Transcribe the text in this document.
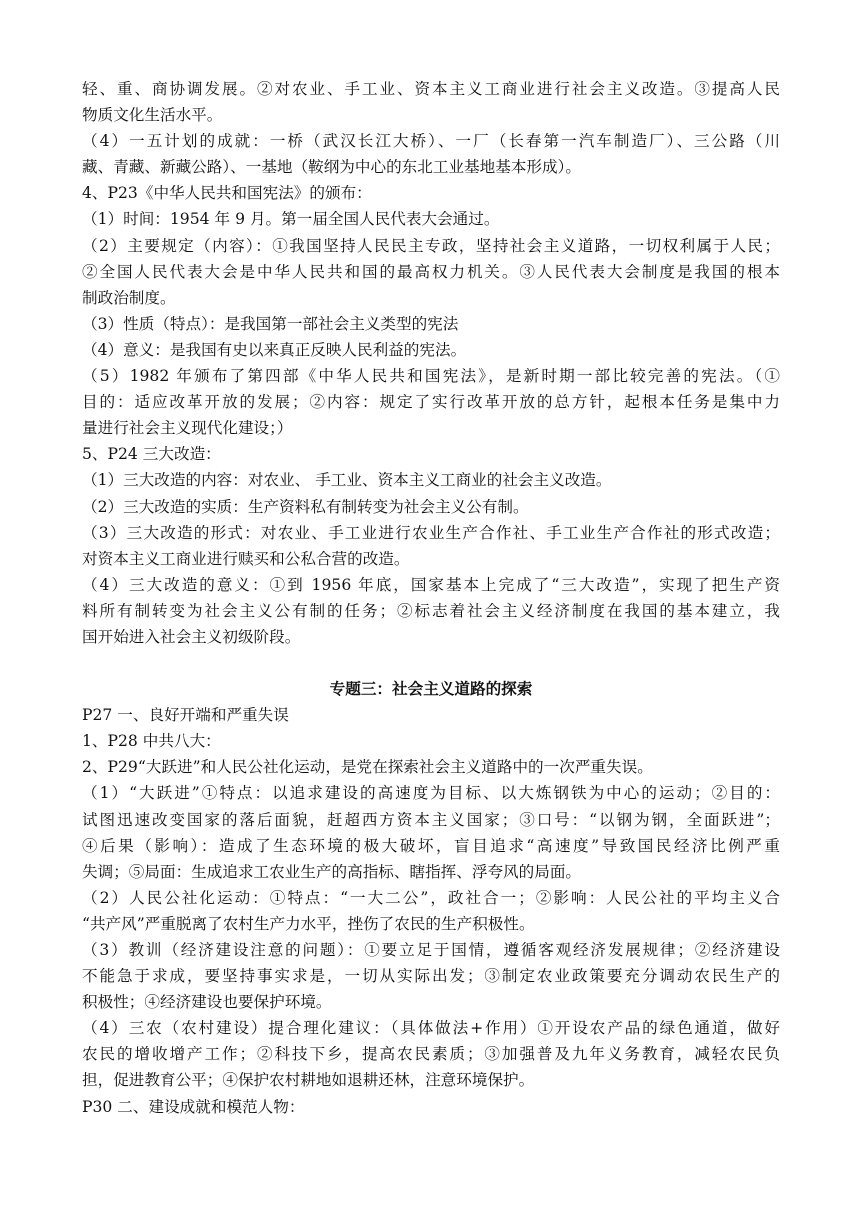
轻、重、商协调发展。②对农业、手工业、资本主义工商业进行社会主义改造。③提高人民
物质文化生活水平。
（4）一五计划的成就：一桥（武汉长江大桥）、一厂（长春第一汽车制造厂）、三公路（川
藏、青藏、新藏公路）、一基地（鞍纲为中心的东北工业基地基本形成）。
4、P23《中华人民共和国宪法》的颁布：
（1）时间：1954 年 9 月。第一届全国人民代表大会通过。
（2）主要规定（内容）：①我国坚持人民民主专政，坚持社会主义道路，一切权利属于人民；
②全国人民代表大会是中华人民共和国的最高权力机关。③人民代表大会制度是我国的根本
制政治制度。
（3）性质（特点）：是我国第一部社会主义类型的宪法
（4）意义：是我国有史以来真正反映人民利益的宪法。
（5）1982 年颁布了第四部《中华人民共和国宪法》，是新时期一部比较完善的宪法。（①
目的：适应改革开放的发展；②内容：规定了实行改革开放的总方针，起根本任务是集中力
量进行社会主义现代化建设；）
5、P24 三大改造：
（1）三大改造的内容：对农业、 手工业、资本主义工商业的社会主义改造。
（2）三大改造的实质：生产资料私有制转变为社会主义公有制。
（3）三大改造的形式：对农业、手工业进行农业生产合作社、手工业生产合作社的形式改造；
对资本主义工商业进行赎买和公私合营的改造。
（4）三大改造的意义：①到 1956 年底，国家基本上完成了“三大改造”，实现了把生产资
料所有制转变为社会主义公有制的任务；②标志着社会主义经济制度在我国的基本建立，我
国开始进入社会主义初级阶段。
专题三：社会主义道路的探索
P27 一、良好开端和严重失误
1、P28 中共八大：
2、P29“大跃进”和人民公社化运动，是党在探索社会主义道路中的一次严重失误。
（1）“大跃进”①特点：以追求建设的高速度为目标、以大炼钢铁为中心的运动；②目的：
试图迅速改变国家的落后面貌，赶超西方资本主义国家；③口号：“以钢为钢，全面跃进”；
④后果（影响）：造成了生态环境的极大破坏，盲目追求“高速度”导致国民经济比例严重
失调；⑤局面：生成追求工农业生产的高指标、瞎指挥、浮夸风的局面。
（2）人民公社化运动：①特点：“一大二公”，政社合一；②影响：人民公社的平均主义合
“共产风”严重脱离了农村生产力水平，挫伤了农民的生产积极性。
（3）教训（经济建设注意的问题）：①要立足于国情，遵循客观经济发展规律；②经济建设
不能急于求成，要坚持事实求是，一切从实际出发；③制定农业政策要充分调动农民生产的
积极性；④经济建设也要保护环境。
（4）三农（农村建设）提合理化建议：（具体做法+作用）①开设农产品的绿色通道，做好
农民的增收增产工作；②科技下乡，提高农民素质；③加强普及九年义务教育，减轻农民负
担，促进教育公平；④保护农村耕地如退耕还林，注意环境保护。
P30 二、建设成就和模范人物：
